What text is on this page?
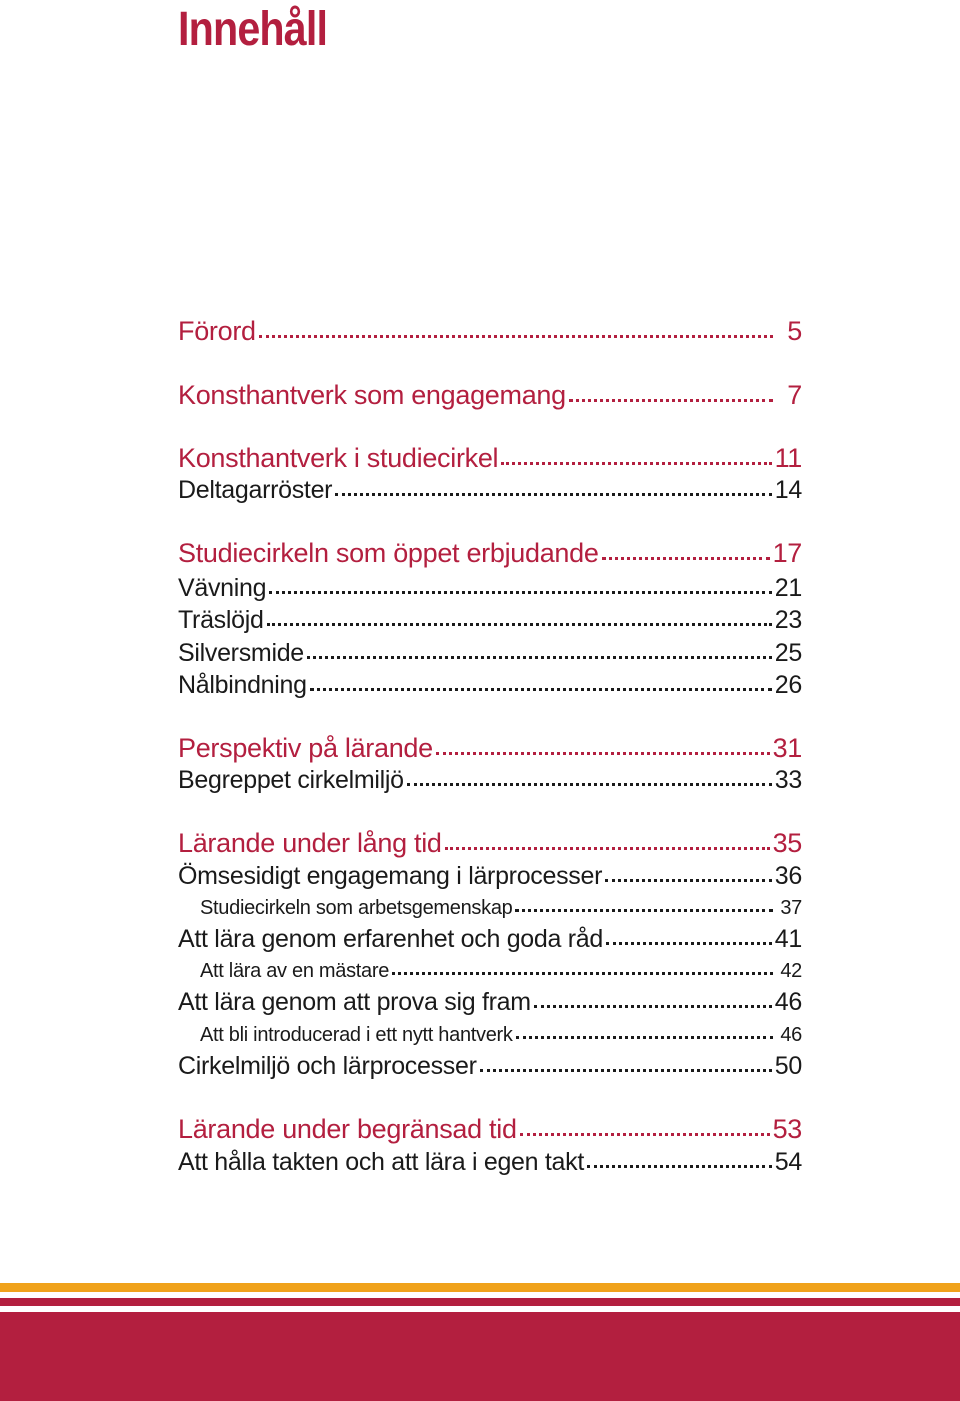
Innehåll
Förord	5
Konsthantverk som engagemang	7
Konsthantverk i studiecirkel	11
Deltagarröster	14
Studiecirkeln som öppet erbjudande	17
Vävning	21
Träslöjd	23
Silversmide	25
Nålbindning	26
Perspektiv på lärande	31
Begreppet cirkelmiljö	33
Lärande under lång tid	35
Ömsesidigt engagemang i lärprocesser	36
Studiecirkeln som arbetsgemenskap	37
Att lära genom erfarenhet och goda råd	41
Att lära av en mästare	42
Att lära genom att prova sig fram	46
Att bli introducerad i ett nytt hantverk	46
Cirkelmiljö och lärprocesser	50
Lärande under begränsad tid	53
Att hålla takten och att lära i egen takt	54
